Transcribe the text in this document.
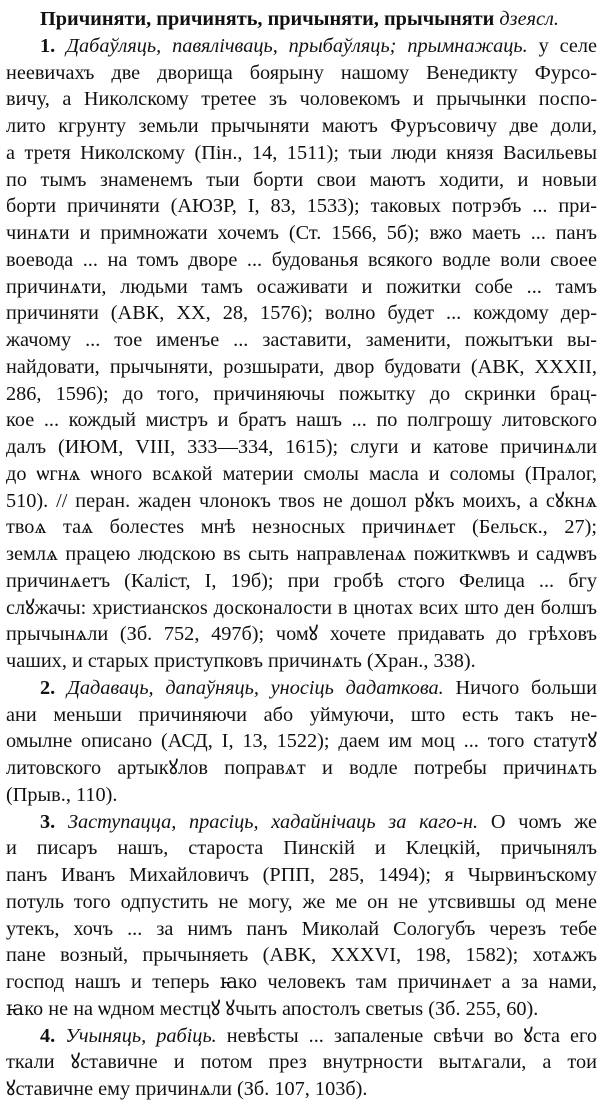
Причиняти, причинять, причыняти, прычыняти дзеясл.
1. Дабаўляць, павялічваць, прыбаўляць; прымнажаць. у селе
неевичахъ две дворища боярыну нашому Венедикту Фурсо-
вичу, а Николскому третее зъ чоловекомъ и прычынки поспо-
лито кгрунту земьли прычыняти маютъ Фуръсовичу две доли,
а третя Николскому (Пін., 14, 1511); тыи люди князя Васильевы
по тымъ знаменемъ тыи борти свои маютъ ходити, и новыи
борти причиняти (АЮЗР, I, 83, 1533); таковых потрэбъ ... при-
чинѧти и примножати хочемъ (Ст. 1566, 5б); вжо маеть ... панъ
воевода ... на томъ дворе ... будованья всякого водле воли своее
причинѧти, людьми тамъ осаживати и пожитки собе ... тамъ
причиняти (АВК, XX, 28, 1576); волно будет ... кождому дер-
жачому ... тое именъе ... заставити, заменити, пожытъки вы-
найдовати, прычыняти, розшырати, двор будовати (АВК, XXXII,
286, 1596); до того, причиняючы пожытку до скринки брац-
кое ... кождый мистръ и братъ нашъ ... по полгрошу литовского
далъ (ИЮМ, VIII, 333—334, 1615); слуги и катове причинѧли
до ѡгнѧ ѡного всѧкой материи смолы масла и соломы (Пралог,
510). // перан. жаден члонокъ твоѕ не дошол рꙋкъ моихъ, а сꙋкнѧ
твоѧ таѧ болестеѕ мнѣ незносных причинѧет (Бельск., 27);
землѧ працею людскою вѕ сыть направленаѧ пожиткѡвъ и садѡвъ
причинѧетъ (Каліст, I, 19б); при гробѣ стѻго Фелица ... бгу
слꙋжачы: христианскоѕ досконалости в цнотах всих што ден болшъ
прычынѧли (Зб. 752, 497б); чомꙋ хочете придавать до грѣховъ
чаших, и старых приступковъ причинѧть (Хран., 338).
2. Дадаваць, дапаўняць, уносіць дадаткова. Ничого больши
ани меньши причиняючи або уймуючи, што есть такъ не-
омылне описано (АСД, I, 13, 1522); даем им моц ... того статутꙋ
литовского артыкꙋлов поправѧт и водле потребы причинѧть
(Прыв., 110).
3. Заступацца, прасіць, хадайнічаць за каго-н. О чомъ же
и писаръ нашъ, староста Пинскій и Клецкій, причынялъ
панъ Иванъ Михайловичъ (РПП, 285, 1494); я Чырвинъскому
потуль того одпустить не могу, же ме он не утсвившы од мене
утекъ, хочъ ... за нимъ панъ Миколай Сологубъ черезъ тебе
пане возный, прычыняеть (АВК, XXXVI, 198, 1582); хотѧжъ
господ нашъ и теперь ꙗко человекъ там причинѧет а за нами,
ꙗко не на ѡдном местцꙋ ꙋчыть апостолъ светыѕ (Зб. 255, 60).
4. Учыняць, рабіць. невѣсты ... запаленые свѣчи во ꙋста его
ткали ꙋставичне и потом през внутрности вытѧгали, а тои
ꙋставичне ему причинѧли (Зб. 107, 103б).
